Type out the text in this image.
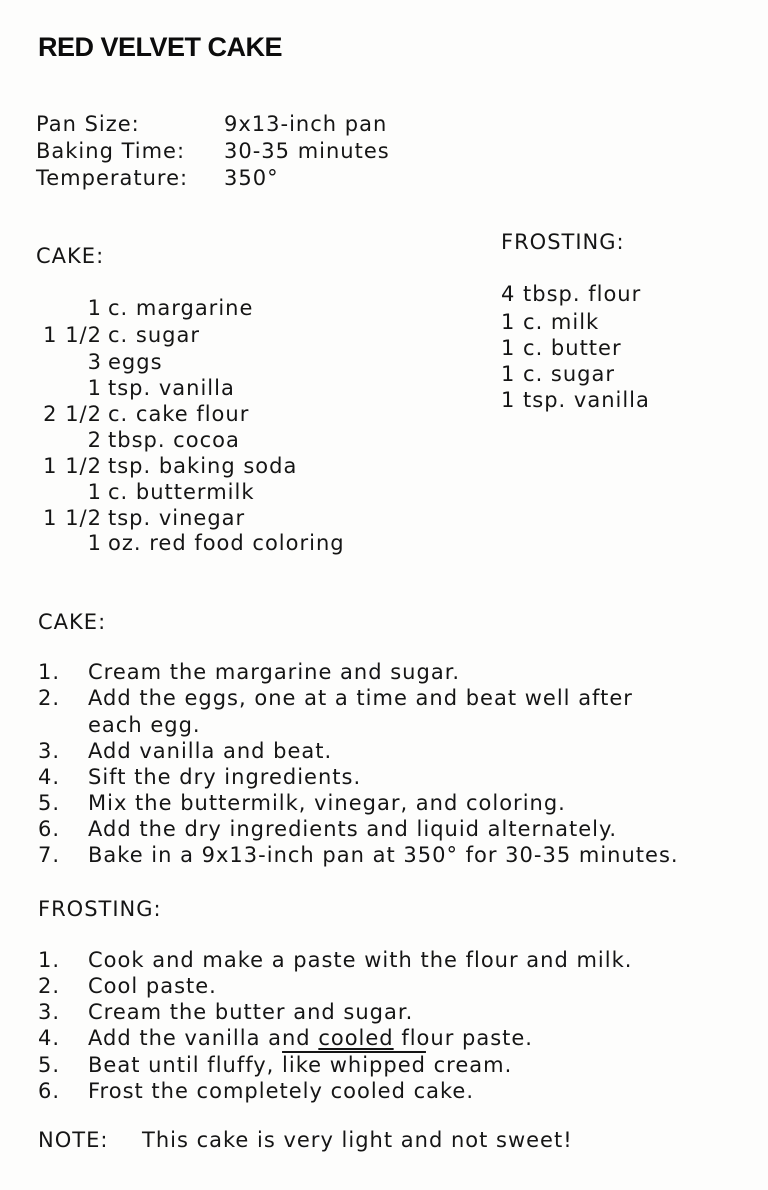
RED VELVET CAKE
Pan Size:	9x13-inch pan
Baking Time: 30-35 minutes
Temperature: 350°
CAKE:
1 c. margarine
1 1/2 c. sugar
3 eggs
1 tsp. vanilla
2 1/2 c. cake flour
2 tbsp. cocoa
1 1/2 tsp. baking soda
1 c. buttermilk
1 1/2 tsp. vinegar
1 oz. red food coloring
FROSTING:
4 tbsp. flour
1 c. milk
1 c. butter
1 c. sugar
1 tsp. vanilla
CAKE:
1. Cream the margarine and sugar.
2. Add the eggs, one at a time and beat well after
each egg.
3. Add vanilla and beat.
4. Sift the dry ingredients.
5. Mix the buttermilk, vinegar, and coloring.
6. Add the dry ingredients and liquid alternately.
7. Bake in a 9x13-inch pan at 350° for 30-35 minutes.
FROSTING:
1. Cook and make a paste with the flour and milk.
2. Cool paste.
3. Cream the butter and sugar.
4. Add the vanilla and cooled flour paste.
5. Beat until fluffy, like whipped cream.
6. Frost the completely cooled cake.
NOTE: This cake is very light and not sweet!
